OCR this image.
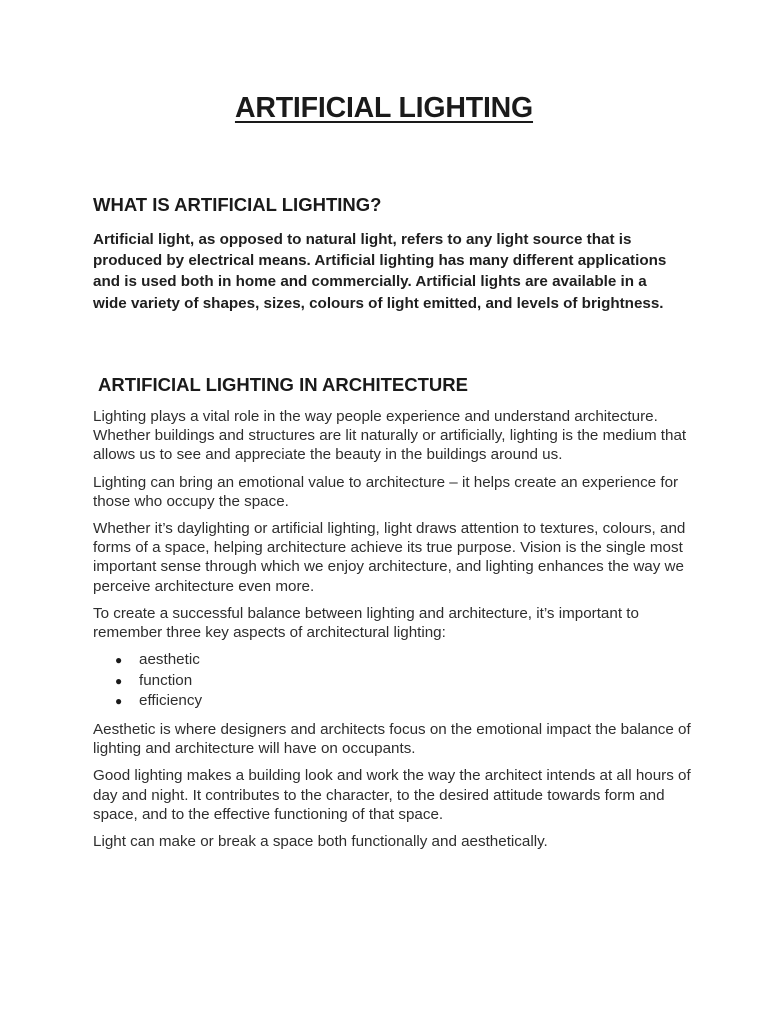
ARTIFICIAL LIGHTING
WHAT IS ARTIFICIAL LIGHTING?

Artificial light, as opposed to natural light, refers to any light source that is produced by electrical means. Artificial lighting has many different applications and is used both in home and commercially. Artificial lights are available in a wide variety of shapes, sizes, colours of light emitted, and levels of brightness.

ARTIFICIAL LIGHTING IN ARCHITECTURE

Lighting plays a vital role in the way people experience and understand architecture. Whether buildings and structures are lit naturally or artificially, lighting is the medium that allows us to see and appreciate the beauty in the buildings around us.

Lighting can bring an emotional value to architecture – it helps create an experience for those who occupy the space.

Whether it’s daylighting or artificial lighting, light draws attention to textures, colours, and forms of a space, helping architecture achieve its true purpose. Vision is the single most important sense through which we enjoy architecture, and lighting enhances the way we perceive architecture even more.

To create a successful balance between lighting and architecture, it’s important to remember three key aspects of architectural lighting:

● aesthetic
● function
● efficiency

Aesthetic is where designers and architects focus on the emotional impact the balance of lighting and architecture will have on occupants.

Good lighting makes a building look and work the way the architect intends at all hours of day and night. It contributes to the character, to the desired attitude towards form and space, and to the effective functioning of that space.

Light can make or break a space both functionally and aesthetically.
